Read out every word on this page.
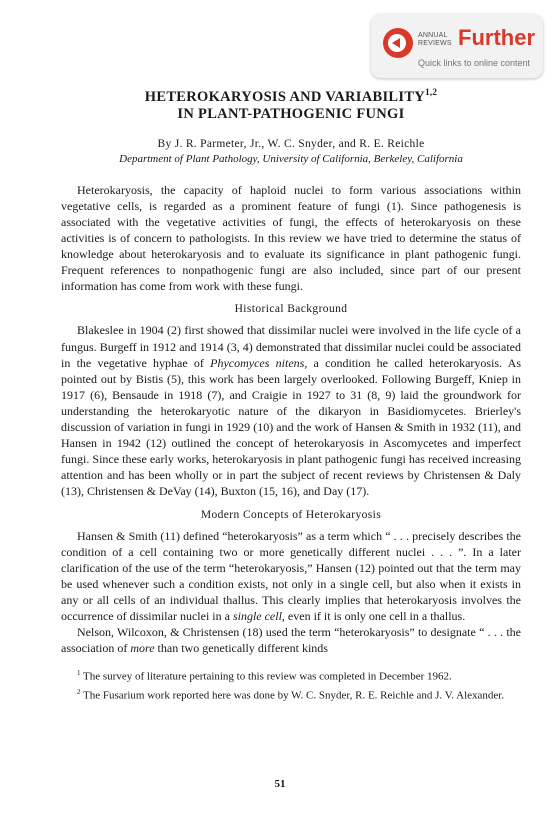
ANNUAL REVIEWS Further
Quick links to online content
HETEROKARYOSIS AND VARIABILITY$^{1,2}$
IN PLANT-PATHOGENIC FUNGI
By J. R. Parmeter, Jr., W. C. Snyder, and R. E. Reichle
Department of Plant Pathology, University of California, Berkeley, California

Heterokaryosis, the capacity of haploid nuclei to form various associations within vegetative cells, is regarded as a prominent feature of fungi (1). Since pathogenesis is associated with the vegetative activities of fungi, the effects of heterokaryosis on these activities is of concern to pathologists. In this review we have tried to determine the status of knowledge about heterokaryosis and to evaluate its significance in plant pathogenic fungi. Frequent references to nonpathogenic fungi are also included, since part of our present information has come from work with these fungi.

Historical Background

Blakeslee in 1904 (2) first showed that dissimilar nuclei were involved in the life cycle of a fungus. Burgeff in 1912 and 1914 (3, 4) demonstrated that dissimilar nuclei could be associated in the vegetative hyphae of Phycomyces nitens, a condition he called heterokaryosis. As pointed out by Bistis (5), this work has been largely overlooked. Following Burgeff, Kniep in 1917 (6), Bensaude in 1918 (7), and Craigie in 1927 to 31 (8, 9) laid the groundwork for understanding the heterokaryotic nature of the dikaryon in Basidiomycetes. Brierley's discussion of variation in fungi in 1929 (10) and the work of Hansen & Smith in 1932 (11), and Hansen in 1942 (12) outlined the concept of heterokaryosis in Ascomycetes and imperfect fungi. Since these early works, heterokaryosis in plant pathogenic fungi has received increasing attention and has been wholly or in part the subject of recent reviews by Christensen & Daly (13), Christensen & DeVay (14), Buxton (15, 16), and Day (17).

Modern Concepts of Heterokaryosis

Hansen & Smith (11) defined “heterokaryosis” as a term which “ . . . precisely describes the condition of a cell containing two or more genetically different nuclei . . . ”. In a later clarification of the use of the term “heterokaryosis,” Hansen (12) pointed out that the term may be used whenever such a condition exists, not only in a single cell, but also when it exists in any or all cells of an individual thallus. This clearly implies that heterokaryosis involves the occurrence of dissimilar nuclei in a single cell, even if it is only one cell in a thallus.

Nelson, Wilcoxon, & Christensen (18) used the term “heterokaryosis” to designate “ . . . the association of more than two genetically different kinds

$^1$ The survey of literature pertaining to this review was completed in December 1962.

$^2$ The Fusarium work reported here was done by W. C. Snyder, R. E. Reichle and J. V. Alexander.

51
